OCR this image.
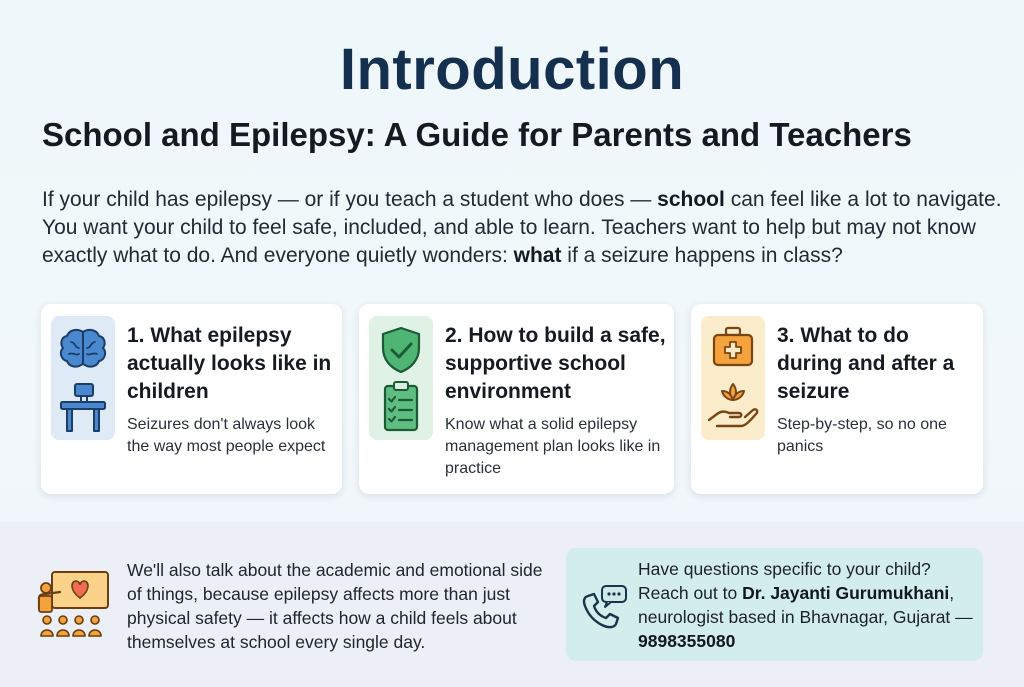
Introduction
School and Epilepsy: A Guide for Parents and Teachers

If your child has epilepsy — or if you teach a student who does — school can feel like a lot to navigate. You want your child to feel safe, included, and able to learn. Teachers want to help but may not know exactly what to do. And everyone quietly wonders: what if a seizure happens in class?

1. What epilepsy actually looks like in children
Seizures don't always look the way most people expect
2. How to build a safe, supportive school environment
Know what a solid epilepsy management plan looks like in practice
3. What to do during and after a seizure
Step-by-step, so no one panics
We'll also talk about the academic and emotional side of things, because epilepsy affects more than just physical safety — it affects how a child feels about themselves at school every single day.
Have questions specific to your child? Reach out to Dr. Jayanti Gurumukhani, neurologist based in Bhavnagar, Gujarat — 9898355080
